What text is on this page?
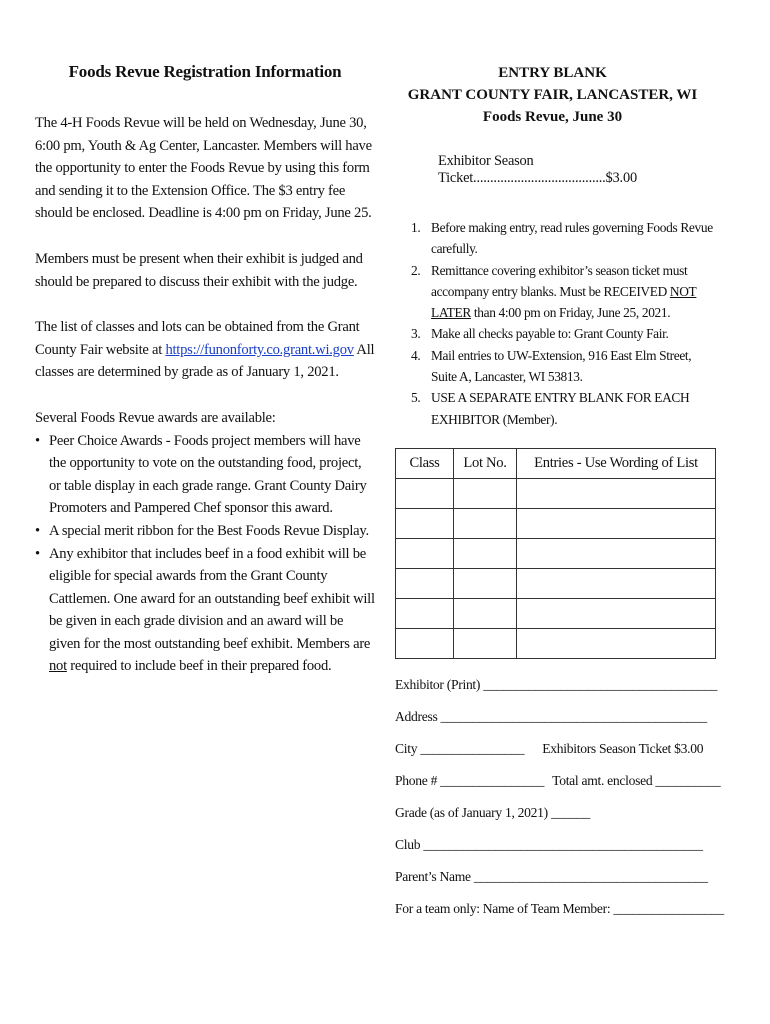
Foods Revue Registration Information

The 4-H Foods Revue will be held on Wednesday, June 30, 6:00 pm, Youth & Ag Center, Lancaster. Members will have the opportunity to enter the Foods Revue by using this form and sending it to the Extension Office. The $3 entry fee should be enclosed. Deadline is 4:00 pm on Friday, June 25.

Members must be present when their exhibit is judged and should be prepared to discuss their exhibit with the judge.

The list of classes and lots can be obtained from the Grant County Fair website at https://funonforty.co.grant.wi.gov All classes are determined by grade as of January 1, 2021.

Several Foods Revue awards are available:
• Peer Choice Awards - Foods project members will have the opportunity to vote on the outstanding food, project, or table display in each grade range. Grant County Dairy Promoters and Pampered Chef sponsor this award.
• A special merit ribbon for the Best Foods Revue Display.
• Any exhibitor that includes beef in a food exhibit will be eligible for special awards from the Grant County Cattlemen. One award for an outstanding beef exhibit will be given in each grade division and an award will be given for the most outstanding beef exhibit. Members are not required to include beef in their prepared food.
ENTRY BLANK
GRANT COUNTY FAIR, LANCASTER, WI
Foods Revue, June 30
Exhibitor Season Ticket.......................................$3.00
1. Before making entry, read rules governing Foods Revue carefully.
2. Remittance covering exhibitor’s season ticket must accompany entry blanks. Must be RECEIVED NOT LATER than 4:00 pm on Friday, June 25, 2021.
3. Make all checks payable to: Grant County Fair.
4. Mail entries to UW-Extension, 916 East Elm Street, Suite A, Lancaster, WI 53813.
5. USE A SEPARATE ENTRY BLANK FOR EACH EXHIBITOR (Member).
Class	Lot No.	Entries - Use Wording of List

Exhibitor (Print) ____________________________________
Address _________________________________________
City ________________ Exhibitors Season Ticket $3.00
Phone # ________________ Total amt. enclosed __________
Grade (as of January 1, 2021) ______
Club ___________________________________________
Parent’s Name ____________________________________
For a team only: Name of Team Member: _________________
